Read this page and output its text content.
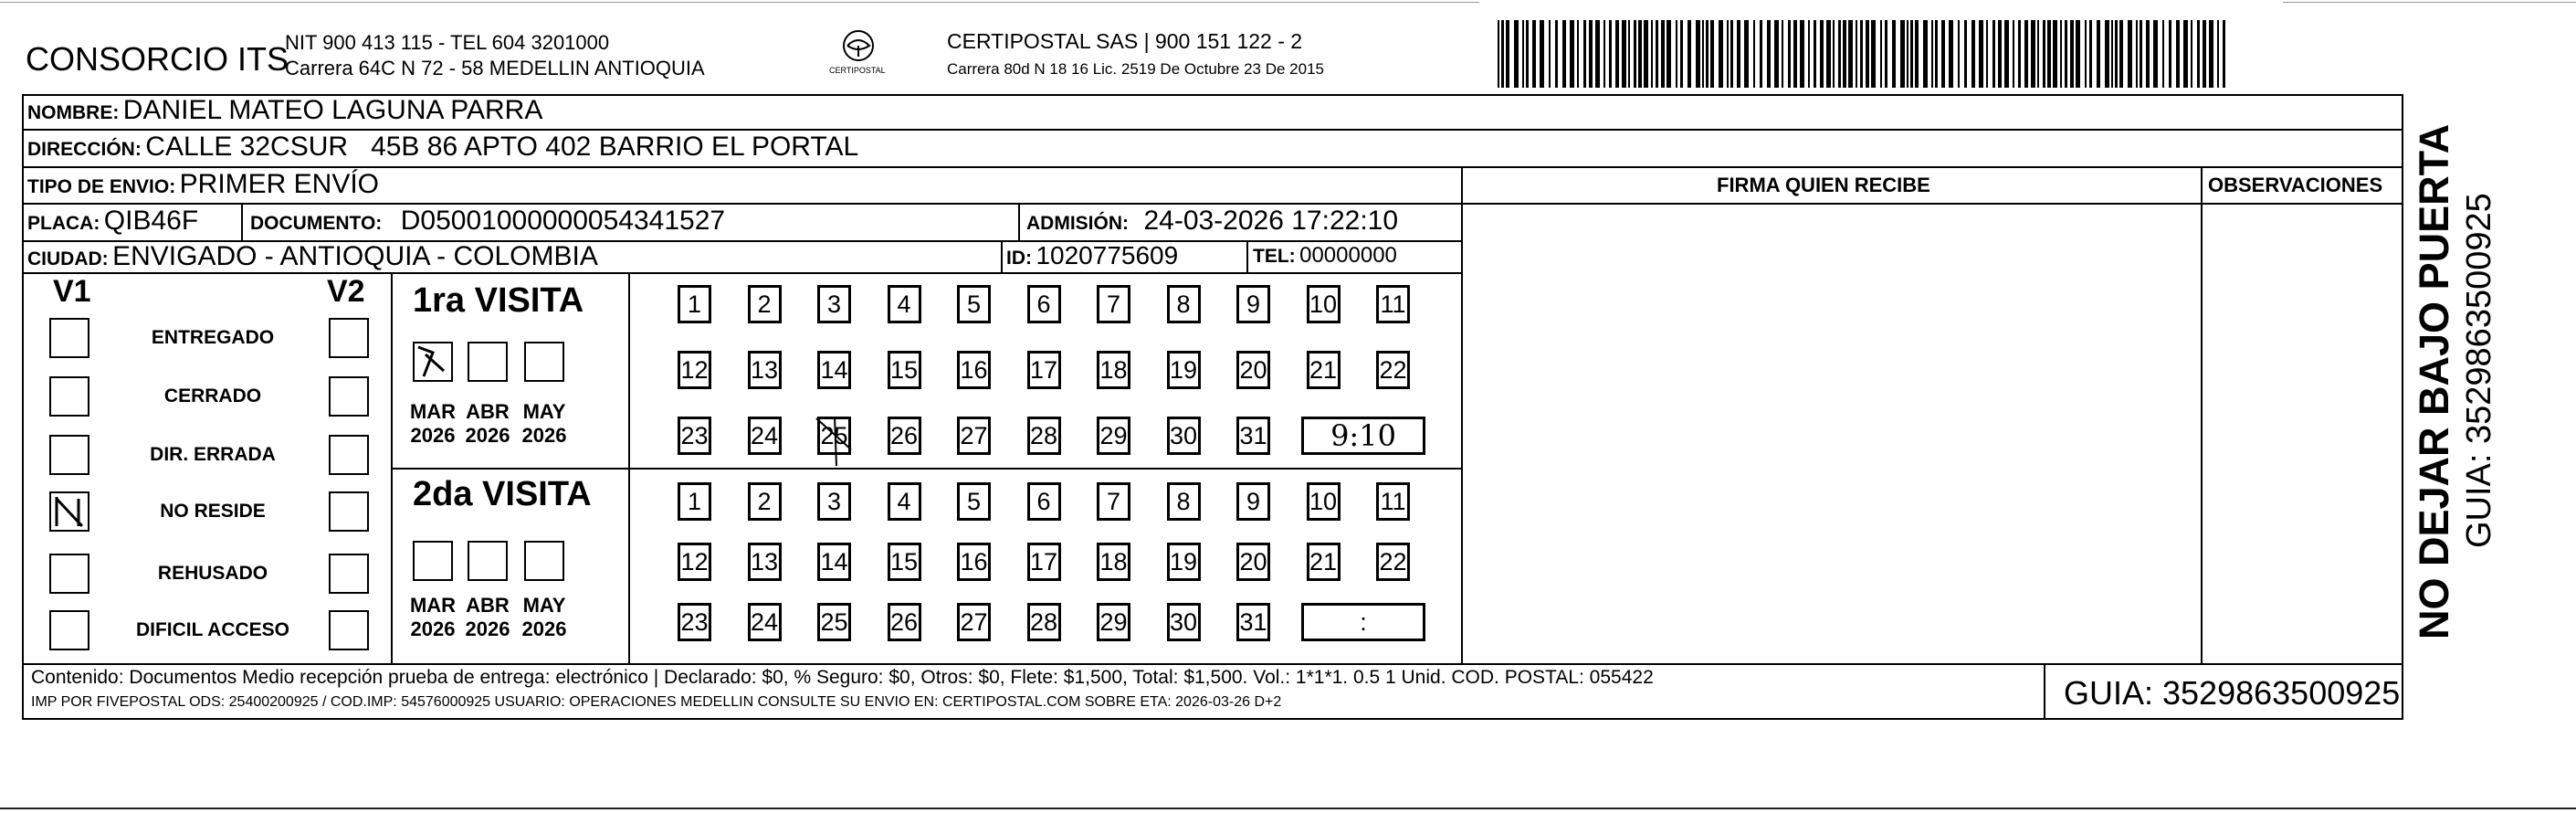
CONSORCIO ITS
NIT 900 413 115 - TEL 604 3201000
Carrera 64C N 72 - 58 MEDELLIN ANTIOQUIA	CERTIPOSTAL
CERTIPOSTAL SAS | 900 151 122 - 2
Carrera 80d N 18 16 Lic. 2519 De Octubre 23 De 2015
NOMBRE: DANIEL MATEO LAGUNA PARRA
DIRECCIÓN: CALLE 32CSUR   45B 86 APTO 402 BARRIO EL PORTAL
TIPO DE ENVIO: PRIMER ENVÍO	FIRMA QUIEN RECIBE	OBSERVACIONES
PLACA: QIB46F	DOCUMENTO: D05001000000054341527	ADMISIÓN: 24-03-2026 17:22:10
CIUDAD: ENVIGADO - ANTIOQUIA - COLOMBIA	ID: 1020775609	TEL: 00000000
V1	V2
ENTREGADO
CERRADO
DIR. ERRADA
NO RESIDE
REHUSADO
DIFICIL ACCESO
1ra VISITA
2da VISITA
MAR
2026
ABR
2026
MAY
2026
MAR
2026
ABR
2026
MAY
2026
1	2	3	4	5	6	7	8	9	10 11
12 13 14 15 16 17 18 19 20 21 22
23 24 25 26 27 28 29 30 31	9:10
1	2	3	4	5	6	7	8	9	10 11
12 13 14 15 16 17 18 19 20 21 22
23 24 25 26 27 28 29 30 31	:
Contenido: Documentos Medio recepción prueba de entrega: electrónico | Declarado: $0, % Seguro: $0, Otros: $0, Flete: $1,500, Total: $1,500. Vol.: 1*1*1. 0.5 1 Unid. COD. POSTAL: 055422
IMP POR FIVEPOSTAL ODS: 25400200925 / COD.IMP: 54576000925 USUARIO: OPERACIONES MEDELLIN CONSULTE SU ENVIO EN: CERTIPOSTAL.COM SOBRE ETA: 2026-03-26 D+2	GUIA: 3529863500925
NO DEJAR BAJO PUERTA GUIA: 3529863500925
